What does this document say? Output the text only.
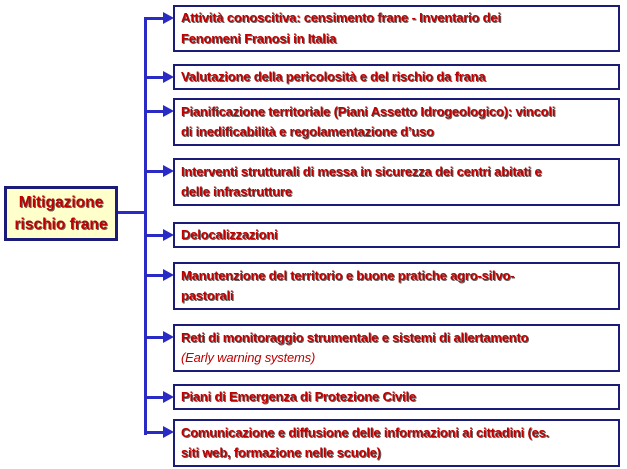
Mitigazione
rischio frane
Attività conoscitiva: censimento frane - Inventario dei
Fenomeni Franosi in Italia
Valutazione della pericolosità e del rischio da frana
Pianificazione territoriale (Piani Assetto Idrogeologico): vincoli
di inedificabilità e regolamentazione d’uso
Interventi strutturali di messa in sicurezza dei centri abitati e
delle infrastrutture
Delocalizzazioni
Manutenzione del territorio e buone pratiche agro-silvo-
pastorali
Reti di monitoraggio strumentale e sistemi di allertamento
(Early warning systems)
Piani di Emergenza di Protezione Civile
Comunicazione e diffusione delle informazioni ai cittadini (es.
siti web, formazione nelle scuole)
